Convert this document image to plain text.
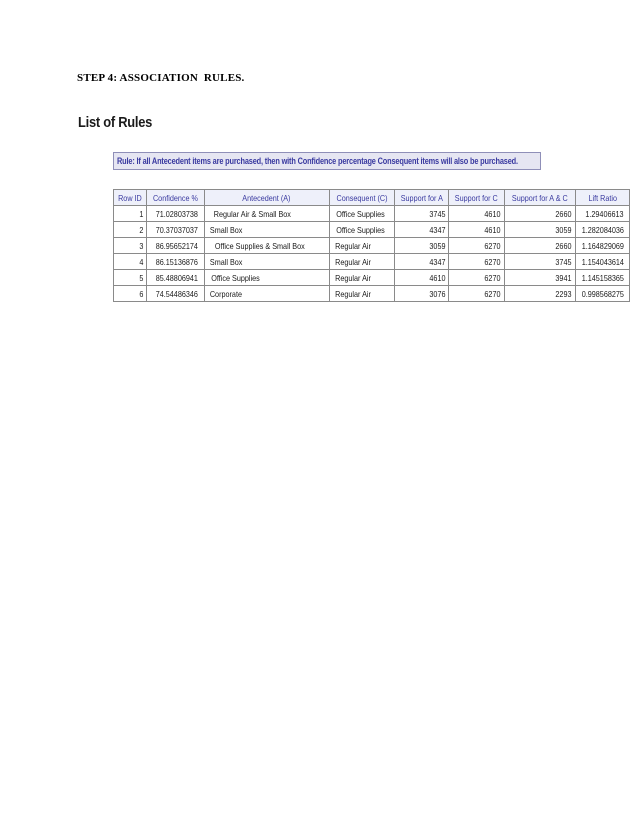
STEP 4: ASSOCIATION  RULES.
List of Rules
Rule: If all Antecedent items are purchased, then with Confidence percentage Consequent items will also be purchased.
Row ID	Confidence %	Antecedent (A)	Consequent (C)	Support for A	Support for C	Support for A & C	Lift Ratio
1	71.02803738	Regular Air & Small Box	Office Supplies	3745	4610	2660	1.29406613
2	70.37037037	Small Box	Office Supplies	4347	4610	3059	1.282084036
3	86.95652174	Office Supplies & Small Box	Regular Air	3059	6270	2660	1.164829069
4	86.15136876	Small Box	Regular Air	4347	6270	3745	1.154043614
5	85.48806941	Office Supplies	Regular Air	4610	6270	3941	1.145158365
6	74.54486346	Corporate	Regular Air	3076	6270	2293	0.998568275
